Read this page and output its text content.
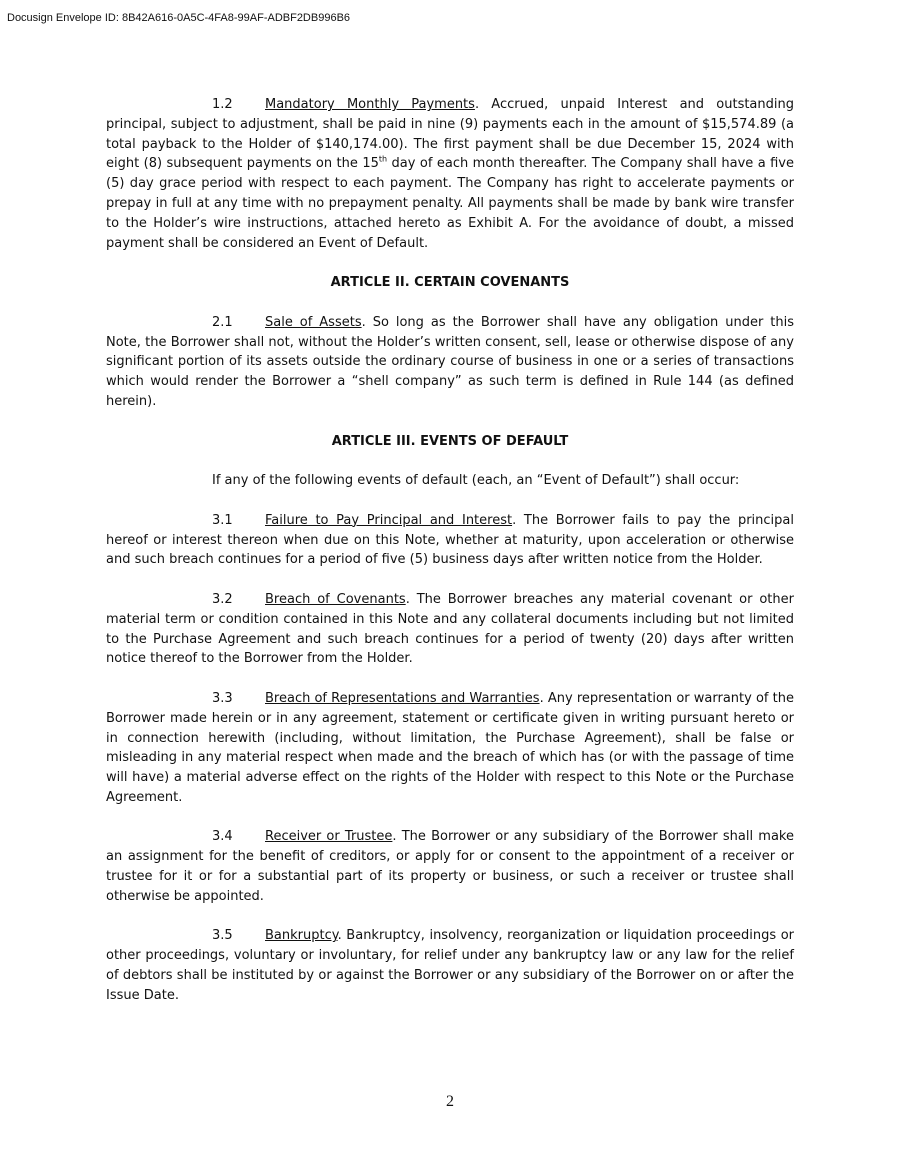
Docusign Envelope ID: 8B42A616-0A5C-4FA8-99AF-ADBF2DB996B6

1.2 Mandatory Monthly Payments. Accrued, unpaid Interest and outstanding principal, subject to adjustment, shall be paid in nine (9) payments each in the amount of $15,574.89 (a total payback to the Holder of $140,174.00). The first payment shall be due December 15, 2024 with eight (8) subsequent payments on the 15th day of each month thereafter. The Company shall have a five (5) day grace period with respect to each payment. The Company has right to accelerate payments or prepay in full at any time with no prepayment penalty. All payments shall be made by bank wire transfer to the Holder’s wire instructions, attached hereto as Exhibit A. For the avoidance of doubt, a missed payment shall be considered an Event of Default.

ARTICLE II. CERTAIN COVENANTS

2.1 Sale of Assets. So long as the Borrower shall have any obligation under this Note, the Borrower shall not, without the Holder’s written consent, sell, lease or otherwise dispose of any significant portion of its assets outside the ordinary course of business in one or a series of transactions which would render the Borrower a “shell company” as such term is defined in Rule 144 (as defined herein).

ARTICLE III. EVENTS OF DEFAULT

If any of the following events of default (each, an “Event of Default”) shall occur:

3.1 Failure to Pay Principal and Interest. The Borrower fails to pay the principal hereof or interest thereon when due on this Note, whether at maturity, upon acceleration or otherwise and such breach continues for a period of five (5) business days after written notice from the Holder.

3.2 Breach of Covenants. The Borrower breaches any material covenant or other material term or condition contained in this Note and any collateral documents including but not limited to the Purchase Agreement and such breach continues for a period of twenty (20) days after written notice thereof to the Borrower from the Holder.

3.3 Breach of Representations and Warranties. Any representation or warranty of the Borrower made herein or in any agreement, statement or certificate given in writing pursuant hereto or in connection herewith (including, without limitation, the Purchase Agreement), shall be false or misleading in any material respect when made and the breach of which has (or with the passage of time will have) a material adverse effect on the rights of the Holder with respect to this Note or the Purchase Agreement.

3.4 Receiver or Trustee. The Borrower or any subsidiary of the Borrower shall make an assignment for the benefit of creditors, or apply for or consent to the appointment of a receiver or trustee for it or for a substantial part of its property or business, or such a receiver or trustee shall otherwise be appointed.

3.5 Bankruptcy. Bankruptcy, insolvency, reorganization or liquidation proceedings or other proceedings, voluntary or involuntary, for relief under any bankruptcy law or any law for the relief of debtors shall be instituted by or against the Borrower or any subsidiary of the Borrower on or after the Issue Date.

2
